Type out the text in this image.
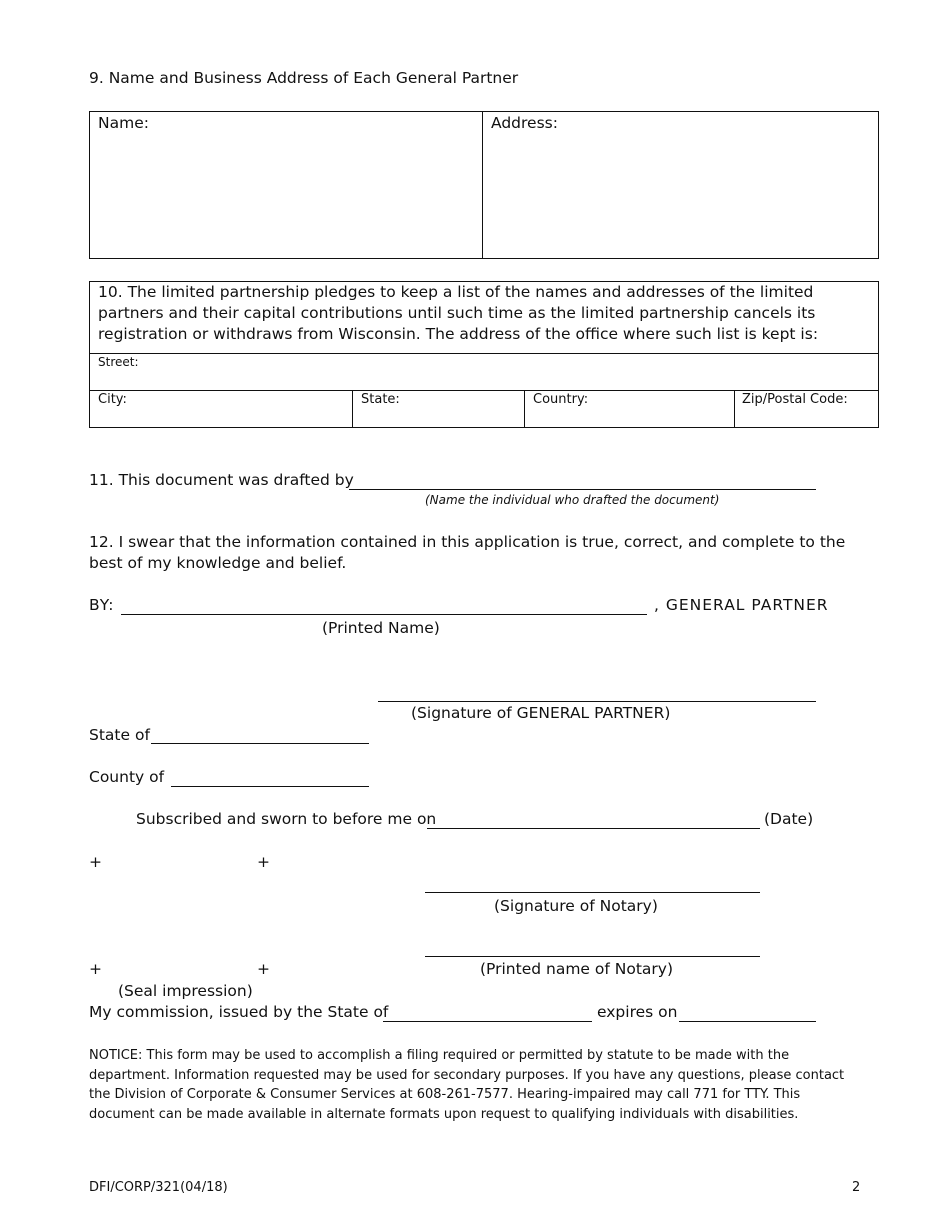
9. Name and Business Address of Each General Partner
Name:	Address:
10. The limited partnership pledges to keep a list of the names and addresses of the limited partners and their capital contributions until such time as the limited partnership cancels its registration or withdraws from Wisconsin. The address of the office where such list is kept is:
Street:
City:	State:	Country:	Zip/Postal Code:
11. This document was drafted by
(Name the individual who drafted the document)
12. I swear that the information contained in this application is true, correct, and complete to the best of my knowledge and belief.
BY:	, GENERAL PARTNER
(Printed Name)
(Signature of GENERAL PARTNER)
State of
County of
Subscribed and sworn to before me on	(Date)
+	+
(Signature of Notary)
+	+	(Printed name of Notary)
(Seal impression)
My commission, issued by the State of	expires on
NOTICE: This form may be used to accomplish a filing required or permitted by statute to be made with the department. Information requested may be used for secondary purposes. If you have any questions, please contact the Division of Corporate & Consumer Services at 608-261-7577. Hearing-impaired may call 771 for TTY. This document can be made available in alternate formats upon request to qualifying individuals with disabilities.
DFI/CORP/321(04/18)	2
